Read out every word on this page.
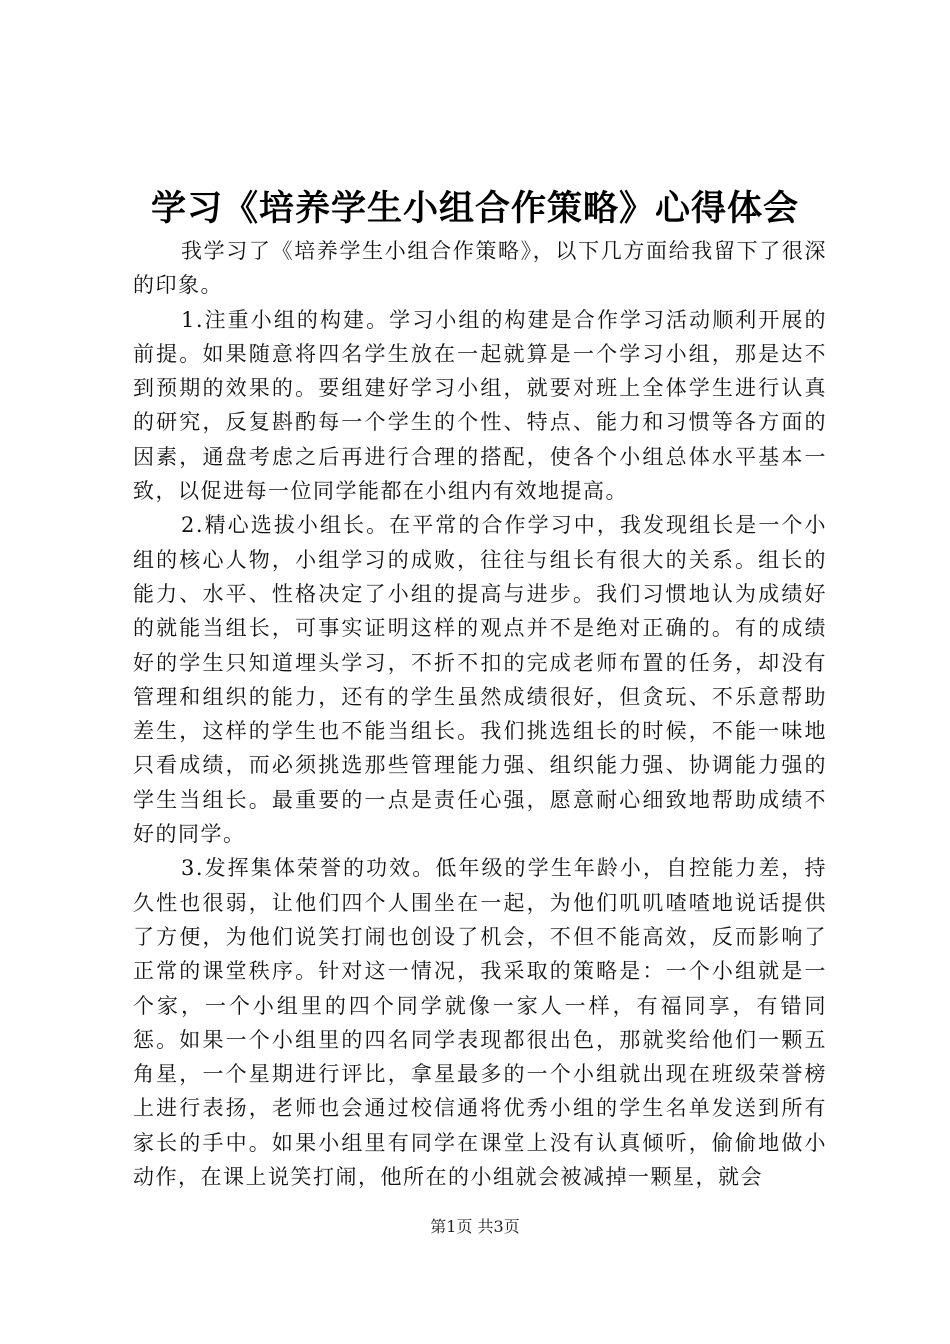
学习《培养学生小组合作策略》心得体会

我学习了《培养学生小组合作策略》，以下几方面给我留下了很深的印象。

1.注重小组的构建。学习小组的构建是合作学习活动顺利开展的前提。如果随意将四名学生放在一起就算是一个学习小组，那是达不到预期的效果的。要组建好学习小组，就要对班上全体学生进行认真的研究，反复斟酌每一个学生的个性、特点、能力和习惯等各方面的因素，通盘考虑之后再进行合理的搭配，使各个小组总体水平基本一致，以促进每一位同学能都在小组内有效地提高。

2.精心选拔小组长。在平常的合作学习中，我发现组长是一个小组的核心人物，小组学习的成败，往往与组长有很大的关系。组长的能力、水平、性格决定了小组的提高与进步。我们习惯地认为成绩好的就能当组长，可事实证明这样的观点并不是绝对正确的。有的成绩好的学生只知道埋头学习，不折不扣的完成老师布置的任务，却没有管理和组织的能力，还有的学生虽然成绩很好，但贪玩、不乐意帮助差生，这样的学生也不能当组长。我们挑选组长的时候，不能一味地只看成绩，而必须挑选那些管理能力强、组织能力强、协调能力强的学生当组长。最重要的一点是责任心强，愿意耐心细致地帮助成绩不好的同学。

3.发挥集体荣誉的功效。低年级的学生年龄小，自控能力差，持久性也很弱，让他们四个人围坐在一起，为他们叽叽喳喳地说话提供了方便，为他们说笑打闹也创设了机会，不但不能高效，反而影响了正常的课堂秩序。针对这一情况，我采取的策略是：一个小组就是一个家，一个小组里的四个同学就像一家人一样，有福同享，有错同惩。如果一个小组里的四名同学表现都很出色，那就奖给他们一颗五角星，一个星期进行评比，拿星最多的一个小组就出现在班级荣誉榜上进行表扬，老师也会通过校信通将优秀小组的学生名单发送到所有家长的手中。如果小组里有同学在课堂上没有认真倾听，偷偷地做小动作，在课上说笑打闹，他所在的小组就会被减掉一颗星，就会

第1页 共3页
